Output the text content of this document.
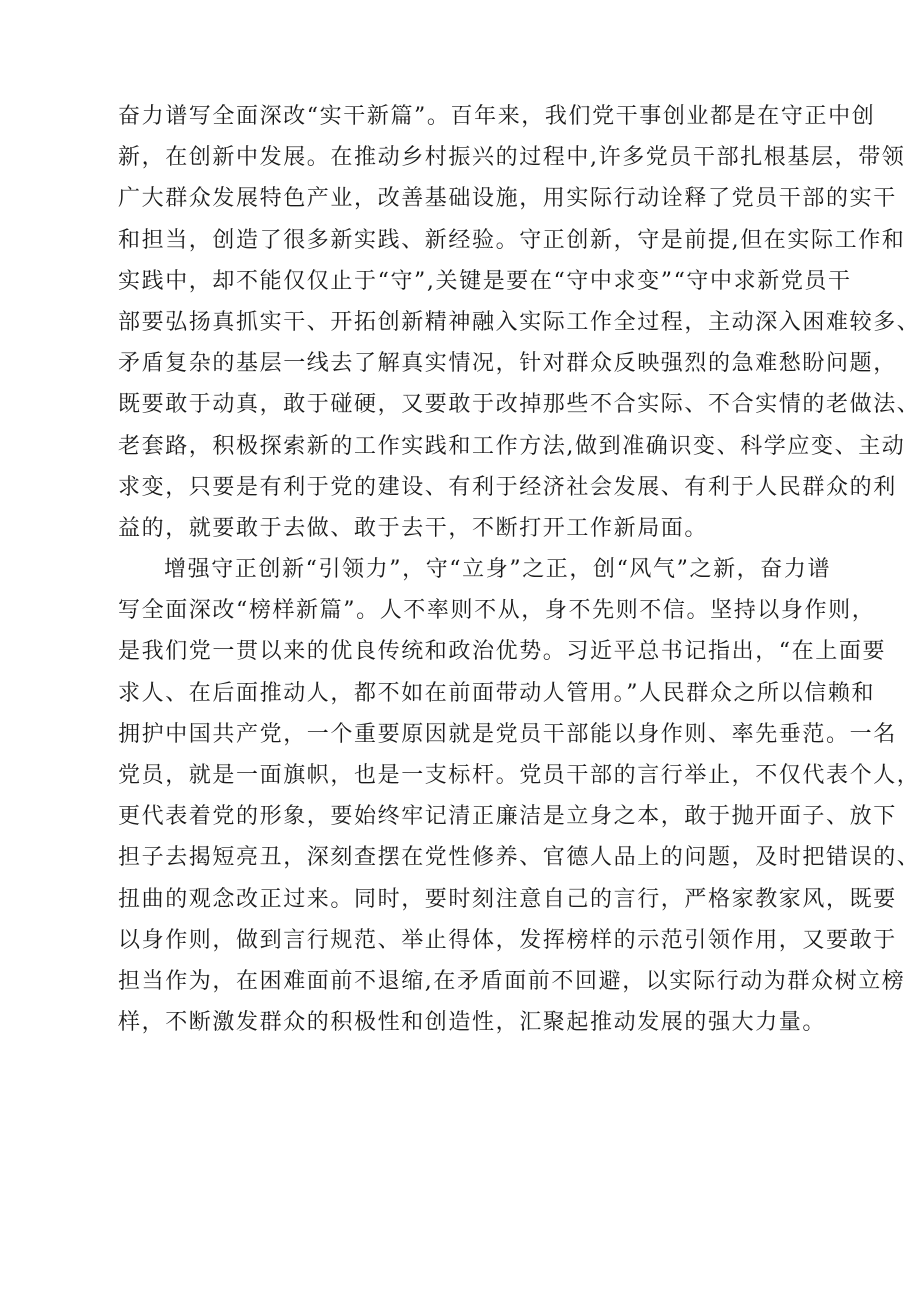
奋力谱写全面深改“实干新篇”。百年来，我们党干事创业都是在守正中创
新，在创新中发展。在推动乡村振兴的过程中,许多党员干部扎根基层，带领
广大群众发展特色产业，改善基础设施，用实际行动诠释了党员干部的实干
和担当，创造了很多新实践、新经验。守正创新，守是前提,但在实际工作和
实践中，却不能仅仅止于“守”,关键是要在“守中求变”“守中求新党员干
部要弘扬真抓实干、开拓创新精神融入实际工作全过程，主动深入困难较多、
矛盾复杂的基层一线去了解真实情况，针对群众反映强烈的急难愁盼问题，
既要敢于动真，敢于碰硬，又要敢于改掉那些不合实际、不合实情的老做法、
老套路，积极探索新的工作实践和工作方法,做到准确识变、科学应变、主动
求变，只要是有利于党的建设、有利于经济社会发展、有利于人民群众的利
益的，就要敢于去做、敢于去干，不断打开工作新局面。
增强守正创新“引领力”，守“立身”之正，创“风气”之新，奋力谱
写全面深改“榜样新篇”。人不率则不从，身不先则不信。坚持以身作则，
是我们党一贯以来的优良传统和政治优势。习近平总书记指出，“在上面要
求人、在后面推动人，都不如在前面带动人管用。”人民群众之所以信赖和
拥护中国共产党，一个重要原因就是党员干部能以身作则、率先垂范。一名
党员，就是一面旗帜，也是一支标杆。党员干部的言行举止，不仅代表个人，
更代表着党的形象，要始终牢记清正廉洁是立身之本，敢于抛开面子、放下
担子去揭短亮丑，深刻查摆在党性修养、官德人品上的问题，及时把错误的、
扭曲的观念改正过来。同时，要时刻注意自己的言行，严格家教家风，既要
以身作则，做到言行规范、举止得体，发挥榜样的示范引领作用，又要敢于
担当作为，在困难面前不退缩,在矛盾面前不回避，以实际行动为群众树立榜
样，不断激发群众的积极性和创造性，汇聚起推动发展的强大力量。
